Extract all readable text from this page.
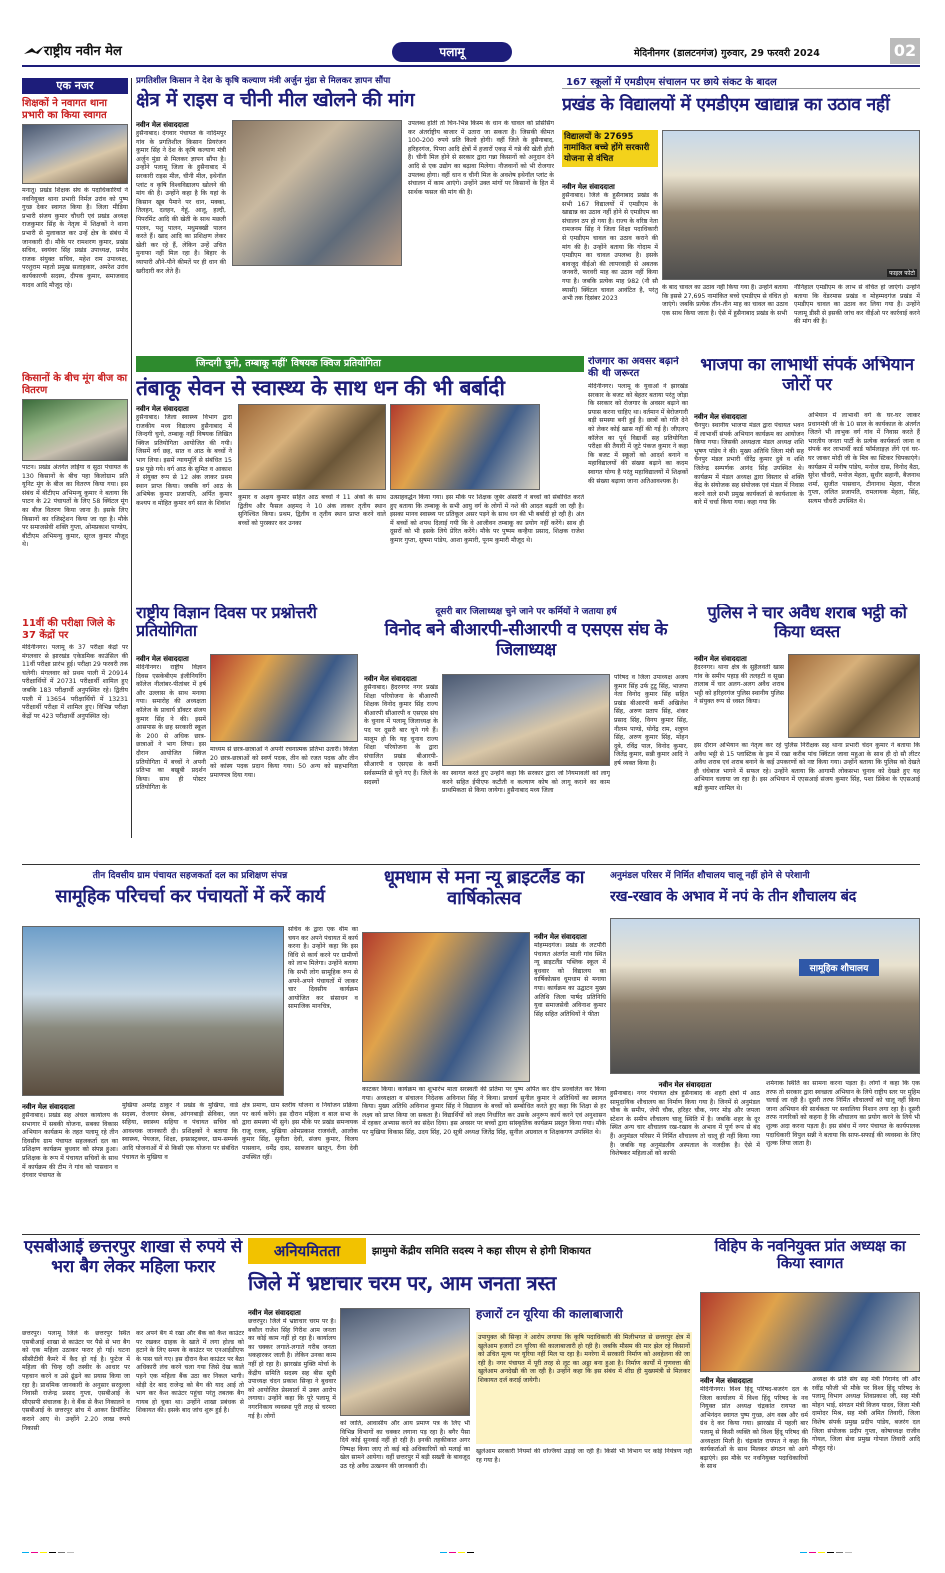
राष्ट्रीय नवीन मेल	पलामू	मेदिनीनगर (डालटनगंज) गुरुवार, 29 फरवरी 2024	02
एक नजर
शिक्षकों ने नवागत थाना प्रभारी का किया स्वागत
मनातू। प्रखंड शिक्षक संघ के पदाधिकारियों ने नवनियुक्त थाना प्रभारी निर्मल उरांव को पुष्प गुच्छ देकर स्वागत किया है। जिला मीडिया प्रभारी संजय कुमार चौधरी एवं प्रखंड अध्यक्ष राजकुमार सिंह के नेतृत्व में शिक्षकों ने थाना प्रभारी से मुलाकात कर उन्हें क्षेत्र के संबंध में जानकारी दी। मौके पर रामशरण कुमार, प्रखंड सचिव, स्वयंवर सिंह प्रखंड उपाध्यक्ष, प्रमोद राजक संयुक्त सचिव, महेश राम उपाध्यक्ष, परशुराम महतो प्रमुख सलाहकार, अमरेश उरांव कार्यकारणी सदस्य, दीपक कुमार, समाजवाद यादव आदि मौजूद रहे।
किसानों के बीच मूंग बीज का वितरण
पाटन। प्रखंड अंतर्गत लोईंगा व सुठा पंचायत के 130 किसानों के बीच पहा किलोग्राम प्रति यूनिट मूंग के बीज का वितरण किया गया। इस संबंध में बीटीएम अभिमन्यु कुमार ने बताया कि पाटन के 22 पंचायतों के लिए 58 क्विंटल मूंग का बीज वितरण किया जाना है। इसके लिए किसानों का रजिस्ट्रेशन किया जा रहा है। मौके पर समाजसेवी शक्ति गुप्ता, ओमप्रकाश पाण्डेय, बीटीएम अभिमन्यु कुमार, सूरज कुमार मौजूद थे।
11वीं की परीक्षा जिले के 37 केंद्रों पर
मेदिनीनगर। पलामू के 37 परीक्षा केंद्रों पर मंगलवार से झारखंड एकेडमिक काउंसिल की 11वीं परीक्षा प्रारंभ हुई। परीक्षा 29 फरवरी तक चलेगी। मंगलवार को प्रथम पाली में 20914 परीक्षार्थियों में 20731 परीक्षार्थी शामिल हुए जबकि 183 परीक्षार्थी अनुपस्थित रहे। द्वितीय पाली में 13654 परीक्षार्थियों में 13231 परीक्षार्थी परीक्षा में शामिल हुए। विभिन्न परीक्षा केंद्रों पर 423 परीक्षार्थी अनुपस्थित रहे।
प्रगतिशील किसान ने देश के कृषि कल्याण मंत्री अर्जुन मुंडा से मिलकर ज्ञापन सौंपा
क्षेत्र में राइस व चीनी मील खोलने की मांग
नवीन मेल संवाददाता
हुसैनाबाद। दंगवार पंचायत के नादिमपुर गांव के प्रगतिशील किसान प्रियरंजन कुमार सिंह ने देश के कृषि कल्याण मंत्री अर्जुन मुंडा से मिलकर ज्ञापन सौंपा है। उन्होंने पलामू जिला के हुसैनाबाद में सरकारी राइस मील, चीनी मील, इथेनॉल प्लांट व कृषि विश्वविद्यालय खोलने की मांग की है। उन्होंने कहा है कि यहां के किसान खूब पैमाने पर धान, मक्का, तिलहन, दलहन, गेहूं, आलू, हल्दी, पिपरमिंट आदि की खेती के साथ मछली पालन, पशु पालन, मधुमक्खी पालन करते हैं। खाद आदि का प्रशिक्षण लेकर खेती कर रहे हैं, लेकिन उन्हें उचित मुनाफा नहीं मिल रहा है। बिहार के व्यापारी औने-पौने कीमतें पर ही धान की खरीदारी कर लेते हैं।
उपलब्ध होती तो चिन-भिन्न किस्म के धान के चावल को प्रोसेसिंग कर अंतर्राष्ट्रीय बाजार में उतारा जा सकता है। जिसकी कीमत 100-200 रुपये प्रति किलो होगी। वहीं जिले के हुसैनाबाद, हरिहरगंज, पिपरा आदि क्षेत्रों में हजारों एकड़ में गन्ने की खेती होती है। चीनी मिल होने से सरकार द्वारा गन्ना किसानों को अनुदान देने आदि से एक उद्योग का बढ़ावा मिलेगा। नौजवानों को भी रोजगार उपलब्ध होगा। वहीं धान व चीनी मिल के अवशेष इथेनॉल प्लांट के संचालन में काम आएंगे। उन्होंने उक्त मांगों पर किसानों के हित में सार्थक फसल की मांग की है।
167 स्कूलों में एमडीएम संचालन पर छाये संकट के बादल
प्रखंड के विद्यालयों में एमडीएम खाद्यान्न का उठाव नहीं
विद्यालयों के 27695 नामांकित बच्चे होंगे सरकारी योजना से वंचित
नवीन मेल संवाददाता
हुसैनाबाद। जिले के हुसैनाबाद प्रखंड के सभी 167 विद्यालयों में एमडीएम के खाद्यान्न का उठाव नहीं होने से एमडीएम का संचालन ठप हो गया है। राज्य के वरिष्ठ नेता रामजनम सिंह ने जिला शिक्षा पदाधिकारी से एमडीएम चावल का उठाव कराने की मांग की है। उन्होंने बताया कि गोदाम में एमडीएम का चावल उपलब्ध है। इसके बावजूद वीईओ की लापरवाही से अबतक जनवरी, फरवरी माह का उठाव नहीं किया गया है। जबकि प्रत्येक माह 982 (नौ सौ ब्यासी) क्विंटल चावल आवंटित है, परंतु अभी तक दिसंबर 2023
फाइल फोटो
के बाद चावल का उठाव नहीं किया गया है। उन्होंने बताया कि इससे 27,695 नामांकित बच्चे एमडीएम से वंचित हो जाएंगे। जबकि प्रत्येक तीन-तीन माह का चावल का उठाव एक साथ किया जाता है। ऐसे में हुसैनाबाद प्रखंड के सभी
नौनिहाल एमडीएम के लाभ से वंचित हो जाएंगे। उन्होंने बताया कि वेंडरमास प्रखंड व मोहम्मदगंज प्रखंड में एमडीएम चावल का उठाव कर लिया गया है। उन्होंने पलामू डीसी से इसकी जांच कर वीईओ पर कार्रवाई करने की मांग की है।
जिन्दगी चुनो, तम्बाकू नहीं' विषयक क्विज प्रतियोगिता
तंबाकू सेवन से स्वास्थ्य के साथ धन की भी बर्बादी
नवीन मेल संवाददाता
हुसैनाबाद। जिला स्वास्थ्य विभाग द्वारा राजकीय मध्य विद्यालय हुसैनाबाद में जिन्दगी चुनो, तम्बाकू नहीं विषयक लिखित क्विज प्रतियोगिता आयोजित की गयी। जिसमें वर्ग छह, सात व आठ के बच्चों ने भाग लिया। इसमें न्यायमूर्ति से संबंधित 15 प्रश्न पूछे गये। वर्ग आठ के सुमित व आकाश ने संयुक्त रूप से 12 अंक लाकर प्रथम स्थान प्राप्त किया। जबकि वर्ग आठ के अभिषेक कुमार प्रजापति, अर्पित कुमार कश्यप व मोहित कुमार वर्ग सात के शिवांश
कुमार व अक्षय कुमार सहित आठ बच्चों ने 11 अंकों के साथ द्वितीय और फैसल अहमद ने 10 अंक लाकर तृतीय स्थान सुनिश्चित किया। प्रथम, द्वितीय व तृतीय स्थान प्राप्त करने वाले बच्चों को पुरस्कार कर उनका
उत्साहवर्द्धन किया गया। इस मौके पर शिक्षक जुबेर अंसारी ने बच्चों को संबोधित करते हुए बताया कि तम्बाकू के सभी आयु वर्ग के लोगों में नशे की आदत बढ़ती जा रही है। इसका मानव स्वास्थ्य पर प्रतिकूल असर पड़ने के साथ धन की भी बर्बादी हो रही है। अंत में बच्चों को शपथ दिलाई गयी कि वे आजीवन तम्बाकू का प्रयोग नहीं करेंगे। साथ ही दूसरों को भी इसके लिये प्रेरित करेंगे। मौके पर पुष्पम कन्हैया प्रसाद, शिक्षक राजेश कुमार गुप्ता, सुषमा पांडेय, आशा कुमारी, पूनम कुमारी मौजूद थे।
रोजगार का अवसर बढ़ाने की थी जरूरत
मेदिनीनगर। पलामू के युवाओं ने झारखंड सरकार के बजट को बेहतर बताया परंतु जोड़ा कि सरकार को रोजगार के अवसर बढ़ाने का प्रयास करना चाहिए था। वर्तमान में बेरोजगारी बड़ी समस्या बनी हुई है। छात्रों को गति देने को लेकर कोई खास नहीं की गई है। जीएलए कॉलेज का पूर्व विद्यार्थी सह प्रतियोगिता परीक्षा की तैयारी में जुटे पंकज कुमार ने कहा कि बजट में स्कूलों को आदर्श बनाने व महाविद्यालयों की संख्या बढ़ाने का कदम स्वागत योग्य है परंतु महाविद्यालयों में शिक्षकों की संख्या बढ़ाया जाना अतिआवश्यक है।
भाजपा का लाभार्थी संपर्क अभियान जोरों पर
नवीन मेल संवाददाता
चैनपुर। स्थानीय भाजपा मंडल द्वारा पंचायत भवन में लाभार्थी संपर्क अभियान कार्यक्रम का आयोजन किया गया। जिसकी अध्यक्षता मंडल अध्यक्ष शशि भूषण पांडेय ने की। मुख्य अतिथि जिला मंत्री सह चैनपुर मंडल प्रभारी धीरेंद्र कुमार दुबे व शशि जितेन्द्र सम्पर्णक आनंद सिंह उपस्थित थे। कार्यक्रम में मंडल अध्यक्ष द्वारा विस्तार से शक्ति केंद्र के संयोजक सह संयोजक एवं मंडल में निवास करने वाले सभी प्रमुख कार्यकर्ता से कार्यशाला के बारे में चर्चा किया गया। कहा गया कि
अभियान में लाभार्थी वर्ग के घर-घर जाकर प्रधानमंत्री जी के 10 साल के कार्यकाल के अंतर्गत जितने भी लाभुक वर्ग गांव में निवास करते हैं भारतीय जनता पार्टी के प्रत्येक कार्यकर्ता जाना व संपर्क कर लाभार्थी कार्ड फॉर्मलाइज़ लेंगे एवं घर-घर जाकर मोदी जी के मित्र का स्टिकर चिपकाएंगे। कार्यक्रम में मनीष पांडेय, मनोज दास, विनोद बैठा, सुरेश चौधरी, मनोज मेहता, सुधीर सहानी, बैजनाथ शर्मा, सुजीत पासवान, टीनानाथ मेहता, पीरज गुप्ता, ललित प्रजापति, रामलायक मेहता, सिंह, सत्यम चौधरी उपस्थित थे।
राष्ट्रीय विज्ञान दिवस पर प्रश्नोत्तरी प्रतियोगिता
नवीन मेल संवाददाता
मेदिनीनगर। राष्ट्रीय विज्ञान दिवस एसकेबीएम इंजीनियरिंग कॉलेज नीलांबर-पीतांबर में हर्ष और उल्लास के साथ मनाया गया। समारोह की अध्यक्षता कॉलेज के प्राचार्य डॉक्टर संजय कुमार सिंह ने की। इसमें आसपास के छह सरकारी स्कूल के 200 से अधिक छात्र-छात्राओं ने भाग लिया। इस दौरान आयोजित क्विज प्रतियोगिता में बच्चों ने अपनी प्रतिभा का बखूबी प्रदर्शन किया। साथ ही पोस्टर प्रतियोगिता के
माध्यम से छात्र-छात्राओं ने अपनी रचनात्मक प्रतिभा उतारी। विजेता 20 छात्र-छात्राओं को स्वर्ण पदक, तीन को रजत पदक और तीन को कांस्य पदक प्रदान किया गया। 50 अन्य को सहभागिता प्रमाणपत्र दिया गया।
दूसरी बार जिलाध्यक्ष चुने जाने पर कर्मियों ने जताया हर्ष
विनोद बने बीआरपी-सीआरपी व एसएस संघ के जिलाध्यक्ष
नवीन मेल संवाददाता
हुसैनाबाद। हैदरनगर नगर प्रखंड शिक्षा परियोजना के बीआरपी शिक्षक विनोद कुमार सिंह राज्य बीआरपी सीआरपी व एसएस संघ के चुनाव में पलामू जिलाध्यक्ष के पद पर दूसरी बार चुने गये हैं। मालूम हो कि यह चुनाव राज्य शिक्षा परियोजना के द्वारा संचालित प्रखंड बीआरपी-सीआरपी व एसएस के कर्मी सर्वसम्मति से चुने गए हैं। जिले के सदस्यों
का स्वागत करते हुए उन्होंने कहा कि सरकार द्वारा जो नियमावली को लागू करने सहित ईपीएफ कटौती व कल्याण कोष को लागू कराने का काम प्राथमिकता से किया जायेगा। हुसैनाबाद मध्य जिला
परिषद व जिला उपाध्यक्ष अजय कुमार सिंह उर्फ टुटू सिंह, भाजपा नेता विनोद कुमार सिंह सहित प्रखंड बीआरपी कर्मी अखिलेश सिंह, अरुण प्रताप सिंह, शंकर प्रसाद सिंह, विनय कुमार सिंह, नीलम पाण्डे, योगेंद्र राम, शत्रुघ्न सिंह, अरुण कुमार सिंह, मोहन दुबे, रविंद्र पाल, विनोद कुमार, जितेंद्र कुमार, सन्नी कुमार आदि ने हर्ष व्यक्त किया है।
पुलिस ने चार अवैध शराब भट्ठी को किया ध्वस्त
नवीन मेल संवाददाता
हैदरनगर। थाना क्षेत्र के सुहैलवती खास गांव के समीप पहाड़ की तलहटी व सूखा तालाब में चार अलग-अलग अवैध शराब भट्ठी को हरिहरगंज पुलिस स्थानीय पुलिस ने संयुक्त रूप से ध्वस्त किया।
इस दौरान अभियान का नेतृत्व कर रहे पुलिस निरीक्षक सह थाना प्रभारी चंदन कुमार ने बताया कि अवैध भट्टी से 15 प्लास्टिक के ड्रम में रखा करीब पांच क्विंटल जावा महुआ के साथ ही दो सौ लीटर अवैध शराब एवं शराब बनाने के कई उपकरणों को नष्ट किया गया। उन्होंने बताया कि पुलिस को देखते ही धंधेबाज भागने में सफल रहे। उन्होंने बताया कि आगामी लोकसभा चुनाव को देखते हुए यह अभियान चलाया जा रहा है। इस अभियान में एएसआई संजय कुमार सिंह, पशा प्रिंकेश के एएसआई बद्री कुमार शामिल थे।
तीन दिवसीय ग्राम पंचायत सहजकर्ता दल का प्रशिक्षण संपन्न
सामूहिक परिचर्चा कर पंचायतों में करें कार्य
सचिव के द्वारा एक थीम का चयन कर अपने पंचायत में कार्य करना है। उन्होंने कहा कि इस विधि से कार्य करने पर ग्रामीणों को लाभ मिलेगा। उन्होंने बताया कि सभी लोग सामूहिक रूप से अपने-अपने पंचायतों में जाकर चार दिवसीय कार्यक्रम आयोजित कर संसाधन व सामाजिक मानचित्र,
नवीन मेल संवाददाता
हुसैनाबाद। प्रखंड सह अंचल कार्यालय के सभागार में सबकी योजना, सबका विकास अभियान कार्यक्रम के तहत पलामू रहे तीन दिवसीय ग्राम पंचायत सहजकर्ता दल का प्रशिक्षण कार्यक्रम बुधवार को संपन्न हुआ। प्रशिक्षक के रूप में पंचायत सचिवों के साथ में कार्यक्रम की टीम ने गांव को पासवान व दंगवार पंचायत के
मुखिया अमरेंद्र ठाकुर ने प्रखंड के मुखिया, वार्ड सदस्य, रोजगार सेवक, आंगनबाड़ी सेविका, जल सहिया, स्वास्थ्य सहिया व पंचायत सचिव को आवश्यक जानकारी दी। प्रशिक्षकों ने बताया कि स्वास्थ्य, पेयजल, शिक्षा, इन्फ्रास्ट्रक्चर, ग्राम-सम्पर्क आदि योजनाओं में से किसी एक योजना पर संबंधित पंचायत के मुखिया व
क्षेत्र प्रमाण, ग्राम स्तरीय योजना व नियोजन प्रक्रिया पर कार्य करेंगे। इस दौरान महिला व बाल सभा के द्वारा समस्या भी सुने। इस मौके पर प्रखंड समन्वयक राजू रजक, मुखिया ओमप्रकाश राजवंशी, आलोक कुमार सिंह, सुनीता देवी, संजय कुमार, विजय पासवान, धर्मेंद्र दास, साबजान खातून, रीना देवी उपस्थित रहीं।
धूमधाम से मना न्यू ब्राइटलैंड का वार्षिकोत्सव
नवीन मेल संवाददाता
मोहम्मदगंज। प्रखंड के लटपौरी पंचायत अंतर्गत माली गांव स्थित न्यू ब्राइटलैंड पब्लिक स्कूल में बुधवार को विद्यालय का वार्षिकोत्सव धूमधाम से मनाया गया। कार्यक्रम का उद्घाटन मुख्य अतिथि जिला पार्षद प्रतिनिधि युवा समाजसेवी अविनाश कुमार सिंह सहित अतिथियों ने फीता
काटकर किया। कार्यक्रम का शुभारंभ माता सरस्वती की प्रतिमा पर पुष्प अर्पित कर दीप प्रज्वलित कर किया गया। अध्यक्षता व संचालन निदेशक अविनाश सिंह ने किया। प्राचार्य सुनील कुमार ने अतिथियों का स्वागत किया। मुख्य अतिथि अविनाश कुमार सिंह ने विद्यालय के बच्चों को सम्बोधित करते हुए कहा कि शिक्षा से हर लक्ष्य को प्राप्त किया जा सकता है। विद्यार्थियों को लक्ष्य निर्धारित कर उसके अनुरूप कार्य करने एवं अनुशासन में रहकर अभ्यास करने का संदेश दिया। इस अवसर पर बच्चों द्वारा सांस्कृतिक कार्यक्रम प्रस्तुत किया गया। मौके पर मुखिया विकास सिंह, उदय सिंह, 20 सूत्री अध्यक्ष जितेंद्र सिंह, सुनील अग्रवाल व शिक्षकगण उपस्थित थे।
अनुमंडल परिसर में निर्मित शौचालय चालू नहीं होने से परेशानी
रख-रखाव के अभाव में नपं के तीन शौचालय बंद
सामूहिक शौचालय
नवीन मेल संवाददाता
हुसैनाबाद। नगर पंचायत क्षेत्र हुसैनाबाद के शहरी क्षेत्रों में आठ सामुदायिक शौचालय का निर्माण किया गया है। जिनमें से अनुमंडल चौक के समीप, जेपी चौक, हरिहर चौक, नगर मोड़ और जपला स्टेशन के समीप शौचालय चालू स्थिति में है। जबकि शहर के दूर स्थित अन्य चार शौचालय रख-रखाव के अभाव में पूर्ण रूप से बंद हैं। अनुमंडल परिसर में निर्मित शौचालय तो चालू ही नहीं किया गया है। जबकि यह अनुमंडलीय अस्पताल के नजदीक है। ऐसे में विशेषकर महिलाओं को काफी
शर्मनाक स्थिति का सामना करना पड़ता है। लोगों ने कहा कि एक तरफ तो सरकार द्वारा स्वच्छता अभियान के लिये राष्ट्रीय स्तर पर मुहिम चलाई जा रही है। दूसरी तरफ निर्मित शौचालयों को चालू नहीं किया जाना अभियान की सार्थकता पर सवालिया निशान लगा रहा है। दूसरी तरफ नागरिकों को कहना है कि शौचालय का प्रयोग करने के लिये भी शुल्क अदा करना पड़ता है। इस संबंध में नगर पंचायत के कार्यपालक पदाधिकारी विपुल सन्नी ने बताया कि साफ-सफाई की व्यवस्था के लिए शुल्क लिया जाता है।
एसबीआई छत्तरपुर शाखा से रुपये से भरा बैग लेकर महिला फरार
छत्तरपुर। पलामू जिले के छत्तरपुर स्थित एसबीआई शाखा से काउंटर पर पैसे से भरा बैग को एक महिला उठाकर फरार हो गई। घटना सीसीटीवी कैमरे में कैद हो गई है। फुटेज में महिला की चिन्ह रही तस्वीर के आधार पर पहचान करने व उसे ढूंढने का प्रयास किया जा रहा है। प्राथमिक जानकारी के अनुसार सरदुल्ला निवासी राजेन्द्र प्रसाद गुप्ता, एसबीआई के सीएसपी संचालक है। वे बैंक से कैश निकालने व एसबीआई के छत्तरपुर ब्रांच में आकर डिपॉजिट कराने आए थे। उन्होंने 2.20 लाख रुपये निकासी
कर अपने बैग में रखा और बैंक को कैश काउंटर पर रखकर ग्राहक के खाते में लगा होल्ड को हटाने के लिए समय के काउंटर पर एनआईडीएफ के पास चले गए। इस दौरान कैश काउंटर पर बैठा अधिकारी लंच करने चला गया जिसे देख काले पहने एक महिला बैंक उठा कर निकल भागी। थोड़ी देर बाद राजेन्द्र को बैग की याद आई तो भाग कर कैश काउंटर पहुंचा परंतु तबतक बैग गायब हो चुका था। उन्होंने शाखा प्रबंधक से शिकायत की। इसके बाद जांच शुरू हुई है।
अनियमितता	झामुमो केंद्रीय समिति सदस्य ने कहा सीएम से होगी शिकायत
जिले में भ्रष्टाचार चरम पर, आम जनता त्रस्त
नवीन मेल संवाददाता
छत्तरपुर। जिले में भ्रष्टाचार चरम पर है। बकौल राजेश सिंह गिरीश आम जनता का कोई काम नहीं हो रहा है। कार्यालय का चक्कर लगाते-लगाते गरीब जनता थकहारकर जाती है। लेकिन उनका काम नहीं हो रहा है। झारखंड मुक्ति मोर्चा के केंद्रीय समिति सदस्य सह बीस सूत्री उपाध्यक्ष चंदन प्रकाश सिन्हा ने बुधवार को आयोजित प्रेसवार्ता में उक्त आरोप लगाया। उन्होंने कहा कि पूरे पलामू में नगरनिकाय व्यवस्था पूरी तरह से चरमरा गई है। लोगों
को जाति, आवासीय और आय प्रमाण पत्र के लिए भी विभिन्न विभागों का चक्कर लगाना पड़ रहा है। बगैर पैसा दिये कोई सुनवाई नहीं हो रही है। इनकी तहकीकात अगर निष्पक्ष किया जाए तो कई बड़े अधिकारियों को मलाई का खेल सामने आयेगा। वहीं छत्तरपुर में बड़ी सख्ती के बावजूद उठ रहे अवैध उत्खनन की जानकारी दी।
हजारों टन यूरिया की कालाबाजारी
उपायुक्त श्री सिन्हा ने आरोप लगाया कि कृषि पदाधिकारी की मिलीभगत से छत्तरपुर क्षेत्र में खुलेआम हजारों टन यूरिया की कालाबाजारी हो रही है। जबकि मौसम की मार झेल रहे किसानों को उचित मूल्य पर यूरिया नहीं मिल पा रहा है। मनरेगा में सरकारी निर्माण को अवहेलना की जा रही है। नगर पंचायत में पूरी तरह से लूट का अड्डा बना हुआ है। निर्माण कार्यों में गुणवत्ता की खुलेआम अनदेखी की जा रही है। उन्होंने कहा कि इस संबंध में शीघ्र ही मुख्यमंत्री से मिलकर शिकायत दर्ज कराई जायेगी।
खुलेआम सरकारी नियमों की धज्जियां उड़ाई जा रही हैं। किसी भी विभाग पर कोई नियंत्रण नहीं रह गया है।
विहिप के नवनियुक्त प्रांत अध्यक्ष का किया स्वागत
नवीन मेल संवाददाता
मेदिनीनगर। विश्व हिंदू परिषद-बजरंग दल के जिला कार्यालय में विश्व हिंदू परिषद के नव नियुक्त प्रांत अध्यक्ष चंद्रकांत रायपत का अभिनंदन स्वागत पुष्प गुच्छ, अंग वस्त्र और धर्म ग्रंथ दे कर किया गया। झारखंड में पहली बार पलामू से किसी व्यक्ति को विश्व हिंदू परिषद की अध्यक्षता मिली है। चंद्रकांत रायपत ने कहा कि कार्यकर्ताओं के साथ मिलकर संगठन को आगे बढ़ाएंगे। इस मौके पर नवनियुक्त पदाधिकारियों के साथ
अध्यक्ष के प्रति संघ सह मंत्री गिरानंद जी और रवींद्र फौजी भी मौके पर विश्व हिंदू परिषद के पलामू विभाग अध्यक्ष शिवप्रकाश जी, सह मंत्री मोहन भाई, संगठन मंत्री विजय यादव, जिला मंत्री दामोदर मिश्र, सह मंत्री अमित तिवारी, जिला विशेष संपर्क प्रमुख प्रदीप पांडेय, बजरंग दल जिला संयोजक प्रदीप गुप्ता, कोषाध्यक्ष राजीव गोयल, जिला सेवा प्रमुख गोपाल तिवारी आदि मौजूद रहे।
